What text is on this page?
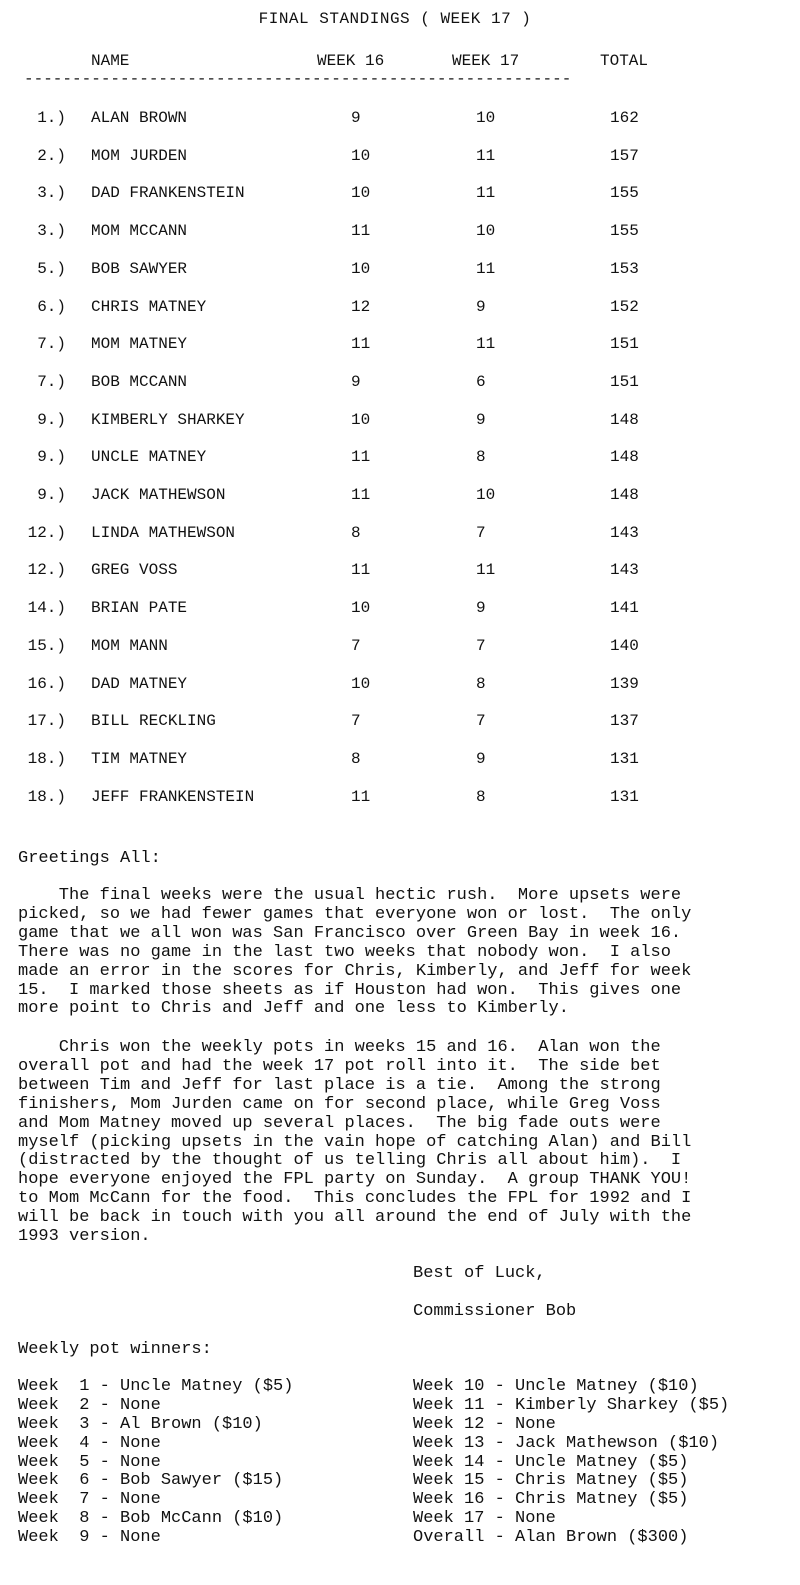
FINAL STANDINGS ( WEEK 17 )
NAME	WEEK 16	WEEK 17	TOTAL
---------------------------------------------------------
1.) ALAN BROWN	9	10	162
2.) MOM JURDEN	10	11	157
3.) DAD FRANKENSTEIN	10	11	155
3.) MOM MCCANN	11	10	155
5.) BOB SAWYER	10	11	153
6.) CHRIS MATNEY	12	9	152
7.) MOM MATNEY	11	11	151
7.) BOB MCCANN	9	6	151
9.) KIMBERLY SHARKEY	10	9	148
9.) UNCLE MATNEY	11	8	148
9.) JACK MATHEWSON	11	10	148
12.) LINDA MATHEWSON	8	7	143
12.) GREG VOSS	11	11	143
14.) BRIAN PATE	10	9	141
15.) MOM MANN	7	7	140
16.) DAD MATNEY	10	8	139
17.) BILL RECKLING	7	7	137
18.) TIM MATNEY	8	9	131
18.) JEFF FRANKENSTEIN	11	8	131
Greetings All:

The final weeks were the usual hectic rush.  More upsets were
picked, so we had fewer games that everyone won or lost.  The only
game that we all won was San Francisco over Green Bay in week 16.
There was no game in the last two weeks that nobody won.  I also
made an error in the scores for Chris, Kimberly, and Jeff for week
15.  I marked those sheets as if Houston had won.  This gives one
more point to Chris and Jeff and one less to Kimberly.

Chris won the weekly pots in weeks 15 and 16.  Alan won the
overall pot and had the week 17 pot roll into it.  The side bet
between Tim and Jeff for last place is a tie.  Among the strong
finishers, Mom Jurden came on for second place, while Greg Voss
and Mom Matney moved up several places.  The big fade outs were
myself (picking upsets in the vain hope of catching Alan) and Bill
(distracted by the thought of us telling Chris all about him).  I
hope everyone enjoyed the FPL party on Sunday.  A group THANK YOU!
to Mom McCann for the food.  This concludes the FPL for 1992 and I
will be back in touch with you all around the end of July with the
1993 version.

Best of Luck,
Commissioner Bob
Weekly pot winners:
Week  1 - Uncle Matney ($5)
Week  2 - None
Week  3 - Al Brown ($10)
Week  4 - None
Week  5 - None
Week  6 - Bob Sawyer ($15)
Week  7 - None
Week  8 - Bob McCann ($10)
Week  9 - None
Week 10 - Uncle Matney ($10)
Week 11 - Kimberly Sharkey ($5)
Week 12 - None
Week 13 - Jack Mathewson ($10)
Week 14 - Uncle Matney ($5)
Week 15 - Chris Matney ($5)
Week 16 - Chris Matney ($5)
Week 17 - None
Overall - Alan Brown ($300)
